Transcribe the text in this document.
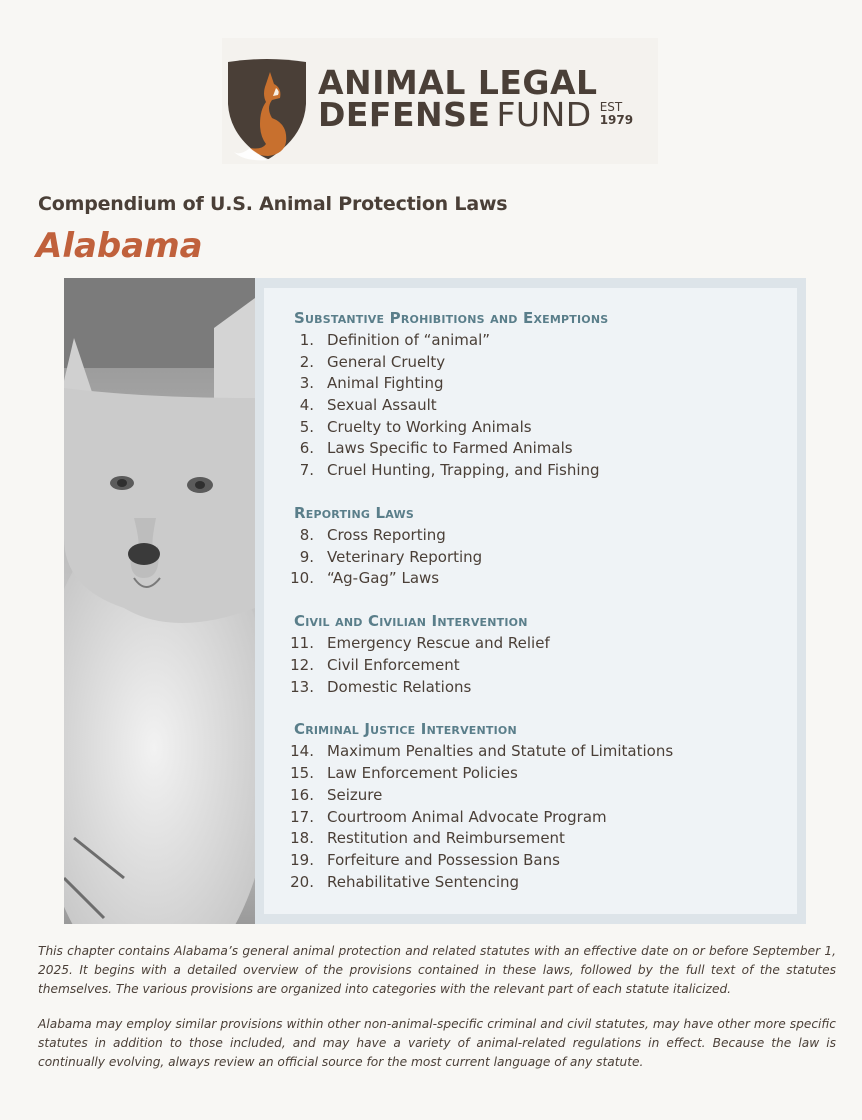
ANIMAL LEGAL
DEFENSE FUND EST
1979
Compendium of U.S. Animal Protection Laws
Alabama
Substantive Prohibitions and Exemptions
1. Definition of “animal”
2. General Cruelty
3. Animal Fighting
4. Sexual Assault
5. Cruelty to Working Animals
6. Laws Specific to Farmed Animals
7. Cruel Hunting, Trapping, and Fishing
Reporting Laws
8. Cross Reporting
9. Veterinary Reporting
10. “Ag-Gag” Laws
Civil and Civilian Intervention
11. Emergency Rescue and Relief
12. Civil Enforcement
13. Domestic Relations
Criminal Justice Intervention
14. Maximum Penalties and Statute of Limitations
15. Law Enforcement Policies
16. Seizure
17. Courtroom Animal Advocate Program
18. Restitution and Reimbursement
19. Forfeiture and Possession Bans
20. Rehabilitative Sentencing
This chapter contains Alabama’s general animal protection and related statutes with an effective date on or before September 1, 2025. It begins with a detailed overview of the provisions contained in these laws, followed by the full text of the statutes themselves. The various provisions are organized into categories with the relevant part of each statute italicized.
Alabama may employ similar provisions within other non-animal-specific criminal and civil statutes, may have other more specific statutes in addition to those included, and may have a variety of animal-related regulations in effect. Because the law is continually evolving, always review an official source for the most current language of any statute.
